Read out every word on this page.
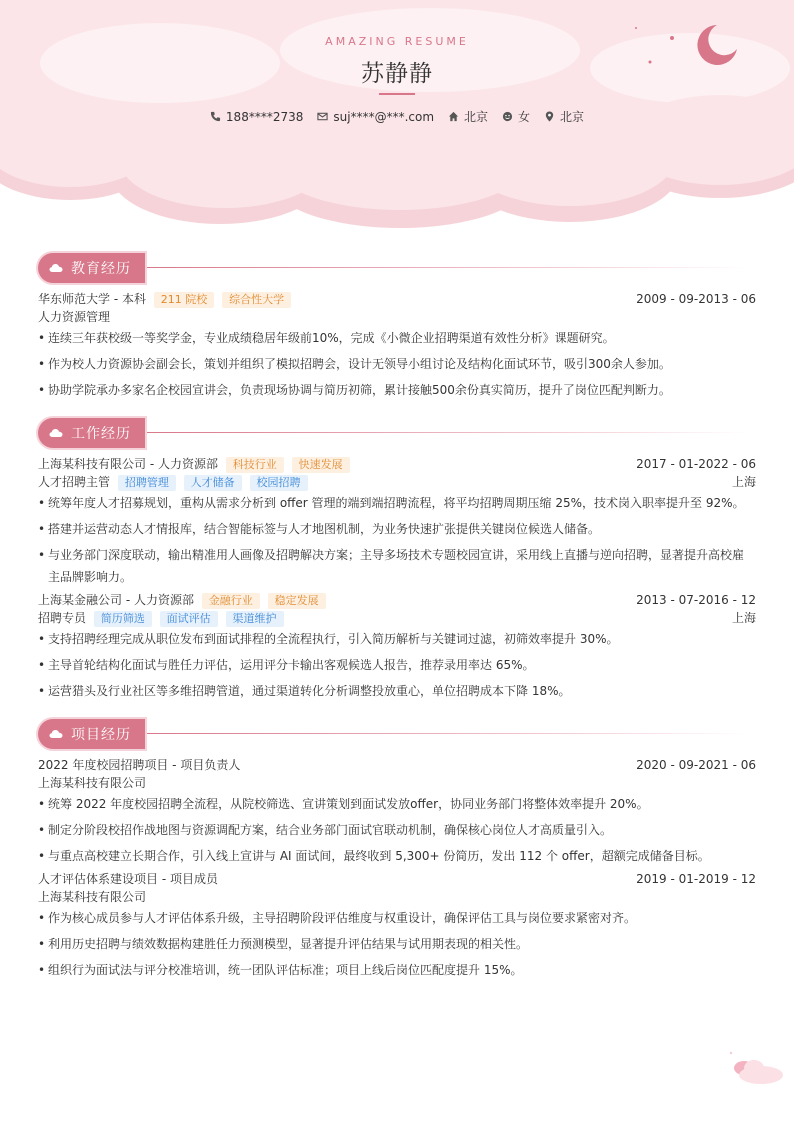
AMAZING RESUME
苏静静
188****2738	suj****@***.com	北京	女	北京
教育经历
华东师范大学 - 本科 211 院校 综合性大学	2009 - 09-2013 - 06
人力资源管理
• 连续三年获校级一等奖学金，专业成绩稳居年级前10%，完成《小微企业招聘渠道有效性分析》课题研究。
• 作为校人力资源协会副会长，策划并组织了模拟招聘会，设计无领导小组讨论及结构化面试环节，吸引300余人参加。
• 协助学院承办多家名企校园宣讲会，负责现场协调与简历初筛，累计接触500余份真实简历，提升了岗位匹配判断力。
工作经历
上海某科技有限公司 - 人力资源部 科技行业 快速发展	2017 - 01-2022 - 06
人才招聘主管 招聘管理 人才储备 校园招聘	上海
• 统筹年度人才招募规划，重构从需求分析到 offer 管理的端到端招聘流程，将平均招聘周期压缩 25%，技术岗入职率提升至 92%。
• 搭建并运营动态人才情报库，结合智能标签与人才地图机制，为业务快速扩张提供关键岗位候选人储备。
• 与业务部门深度联动，输出精准用人画像及招聘解决方案；主导多场技术专题校园宣讲，采用线上直播与逆向招聘，显著提升高校雇
主品牌影响力。
上海某金融公司 - 人力资源部 金融行业 稳定发展	2013 - 07-2016 - 12
招聘专员 简历筛选 面试评估 渠道维护	上海
• 支持招聘经理完成从职位发布到面试排程的全流程执行，引入简历解析与关键词过滤，初筛效率提升 30%。
• 主导首轮结构化面试与胜任力评估，运用评分卡输出客观候选人报告，推荐录用率达 65%。
• 运营猎头及行业社区等多维招聘管道，通过渠道转化分析调整投放重心，单位招聘成本下降 18%。
项目经历
2022 年度校园招聘项目 - 项目负责人	2020 - 09-2021 - 06
上海某科技有限公司
• 统筹 2022 年度校园招聘全流程，从院校筛选、宣讲策划到面试发放offer，协同业务部门将整体效率提升 20%。
• 制定分阶段校招作战地图与资源调配方案，结合业务部门面试官联动机制，确保核心岗位人才高质量引入。
• 与重点高校建立长期合作，引入线上宣讲与 AI 面试间，最终收到 5,300+ 份简历，发出 112 个 offer，超额完成储备目标。
人才评估体系建设项目 - 项目成员	2019 - 01-2019 - 12
上海某科技有限公司
• 作为核心成员参与人才评估体系升级，主导招聘阶段评估维度与权重设计，确保评估工具与岗位要求紧密对齐。
• 利用历史招聘与绩效数据构建胜任力预测模型，显著提升评估结果与试用期表现的相关性。
• 组织行为面试法与评分校准培训，统一团队评估标准；项目上线后岗位匹配度提升 15%。
